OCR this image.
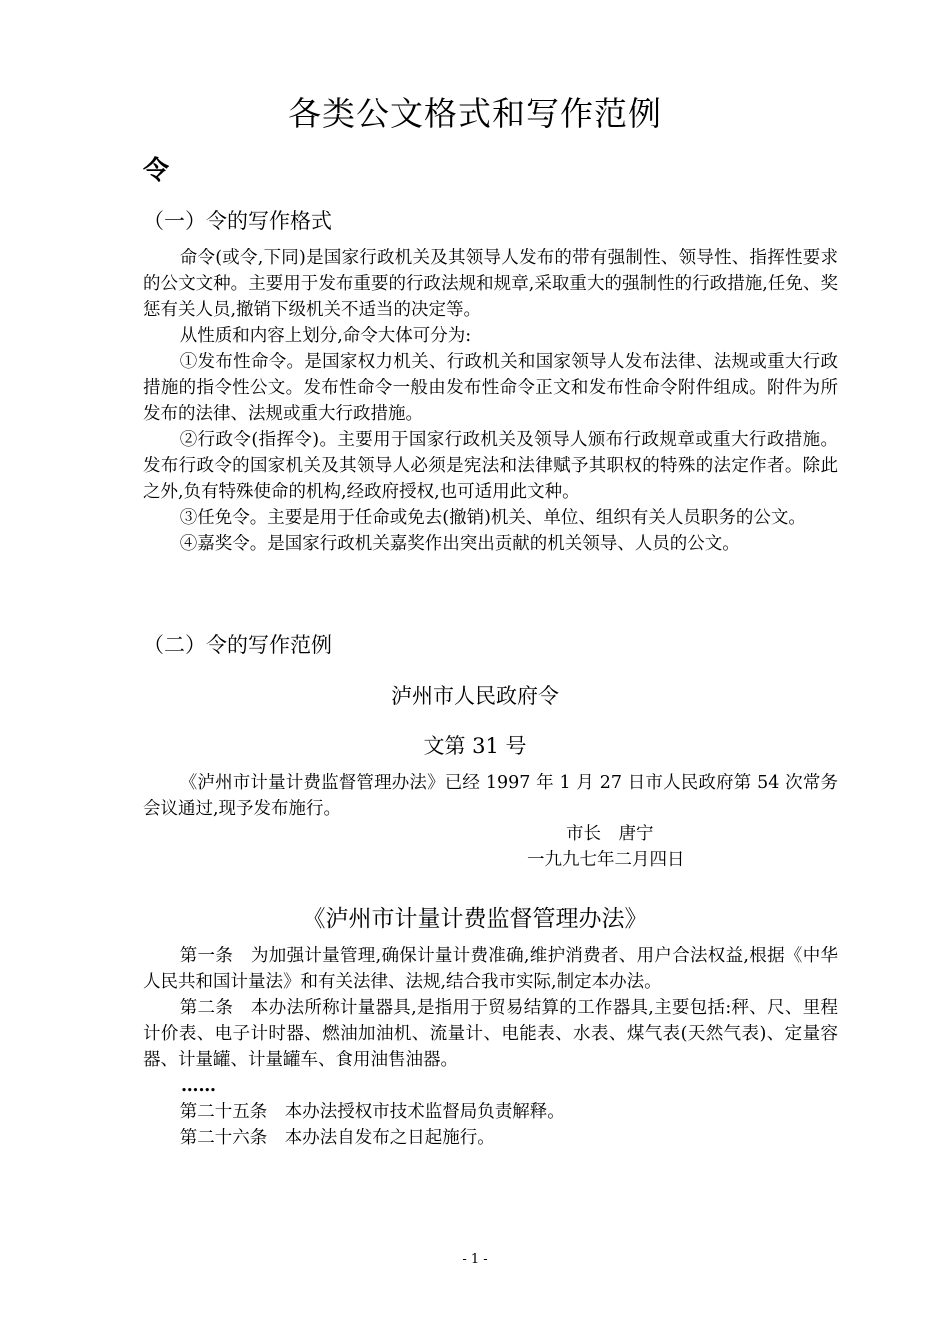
各类公文格式和写作范例
令
（一）令的写作格式

命令(或令,下同)是国家行政机关及其领导人发布的带有强制性、领导性、指挥性要求的公文文种。主要用于发布重要的行政法规和规章,采取重大的强制性的行政措施,任免、奖惩有关人员,撤销下级机关不适当的决定等。

从性质和内容上划分,命令大体可分为:

①发布性命令。是国家权力机关、行政机关和国家领导人发布法律、法规或重大行政措施的指令性公文。发布性命令一般由发布性命令正文和发布性命令附件组成。附件为所发布的法律、法规或重大行政措施。

②行政令(指挥令)。主要用于国家行政机关及领导人颁布行政规章或重大行政措施。发布行政令的国家机关及其领导人必须是宪法和法律赋予其职权的特殊的法定作者。除此之外,负有特殊使命的机构,经政府授权,也可适用此文种。

③任免令。主要是用于任命或免去(撤销)机关、单位、组织有关人员职务的公文。

④嘉奖令。是国家行政机关嘉奖作出突出贡献的机关领导、人员的公文。

（二）令的写作范例
泸州市人民政府令
文第 31 号

《泸州市计量计费监督管理办法》已经 1997 年 1 月 27 日市人民政府第 54 次常务会议通过,现予发布施行。

市长　唐宁
一九九七年二月四日
《泸州市计量计费监督管理办法》

第一条　为加强计量管理,确保计量计费准确,维护消费者、用户合法权益,根据《中华人民共和国计量法》和有关法律、法规,结合我市实际,制定本办法。

第二条　本办法所称计量器具,是指用于贸易结算的工作器具,主要包括:秤、尺、里程计价表、电子计时器、燃油加油机、流量计、电能表、水表、煤气表(天然气表)、定量容器、计量罐、计量罐车、食用油售油器。

……

第二十五条　本办法授权市技术监督局负责解释。

第二十六条　本办法自发布之日起施行。

- 1 -
